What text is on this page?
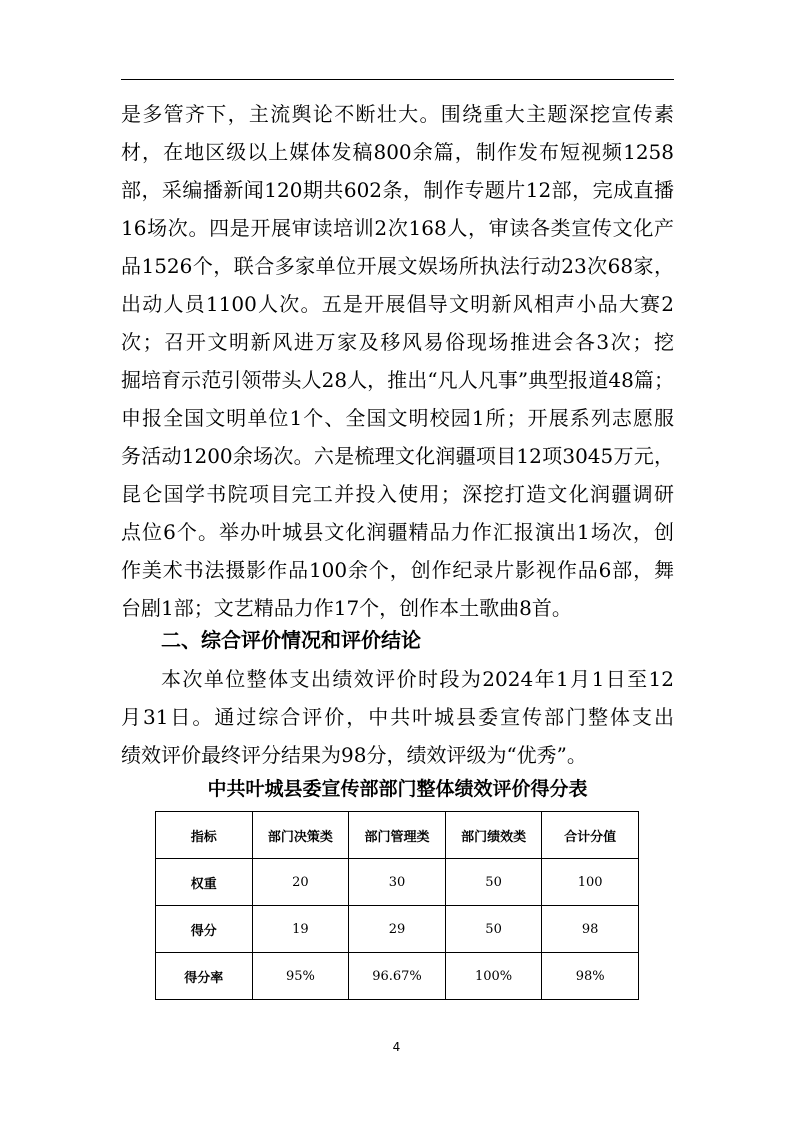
是多管齐下，主流舆论不断壮大。围绕重大主题深挖宣传素
材，在地区级以上媒体发稿800余篇，制作发布短视频1258
部，采编播新闻120期共602条，制作专题片12部，完成直播
16场次。四是开展审读培训2次168人，审读各类宣传文化产
品1526个，联合多家单位开展文娱场所执法行动23次68家，
出动人员1100人次。五是开展倡导文明新风相声小品大赛2
次；召开文明新风进万家及移风易俗现场推进会各3次；挖
掘培育示范引领带头人28人，推出“凡人凡事”典型报道48篇；
申报全国文明单位1个、全国文明校园1所；开展系列志愿服
务活动1200余场次。六是梳理文化润疆项目12项3045万元，
昆仑国学书院项目完工并投入使用；深挖打造文化润疆调研
点位6个。举办叶城县文化润疆精品力作汇报演出1场次，创
作美术书法摄影作品100余个，创作纪录片影视作品6部，舞
台剧1部；文艺精品力作17个，创作本土歌曲8首。
二、综合评价情况和评价结论
本次单位整体支出绩效评价时段为2024年1月1日至12
月31日。通过综合评价，中共叶城县委宣传部门整体支出
绩效评价最终评分结果为98分，绩效评级为“优秀”。
中共叶城县委宣传部部门整体绩效评价得分表
指标	部门决策类	部门管理类	部门绩效类	合计分值
权重	20	30	50	100
得分	19	29	50	98
得分率	95%	96.67%	100%	98%
4
